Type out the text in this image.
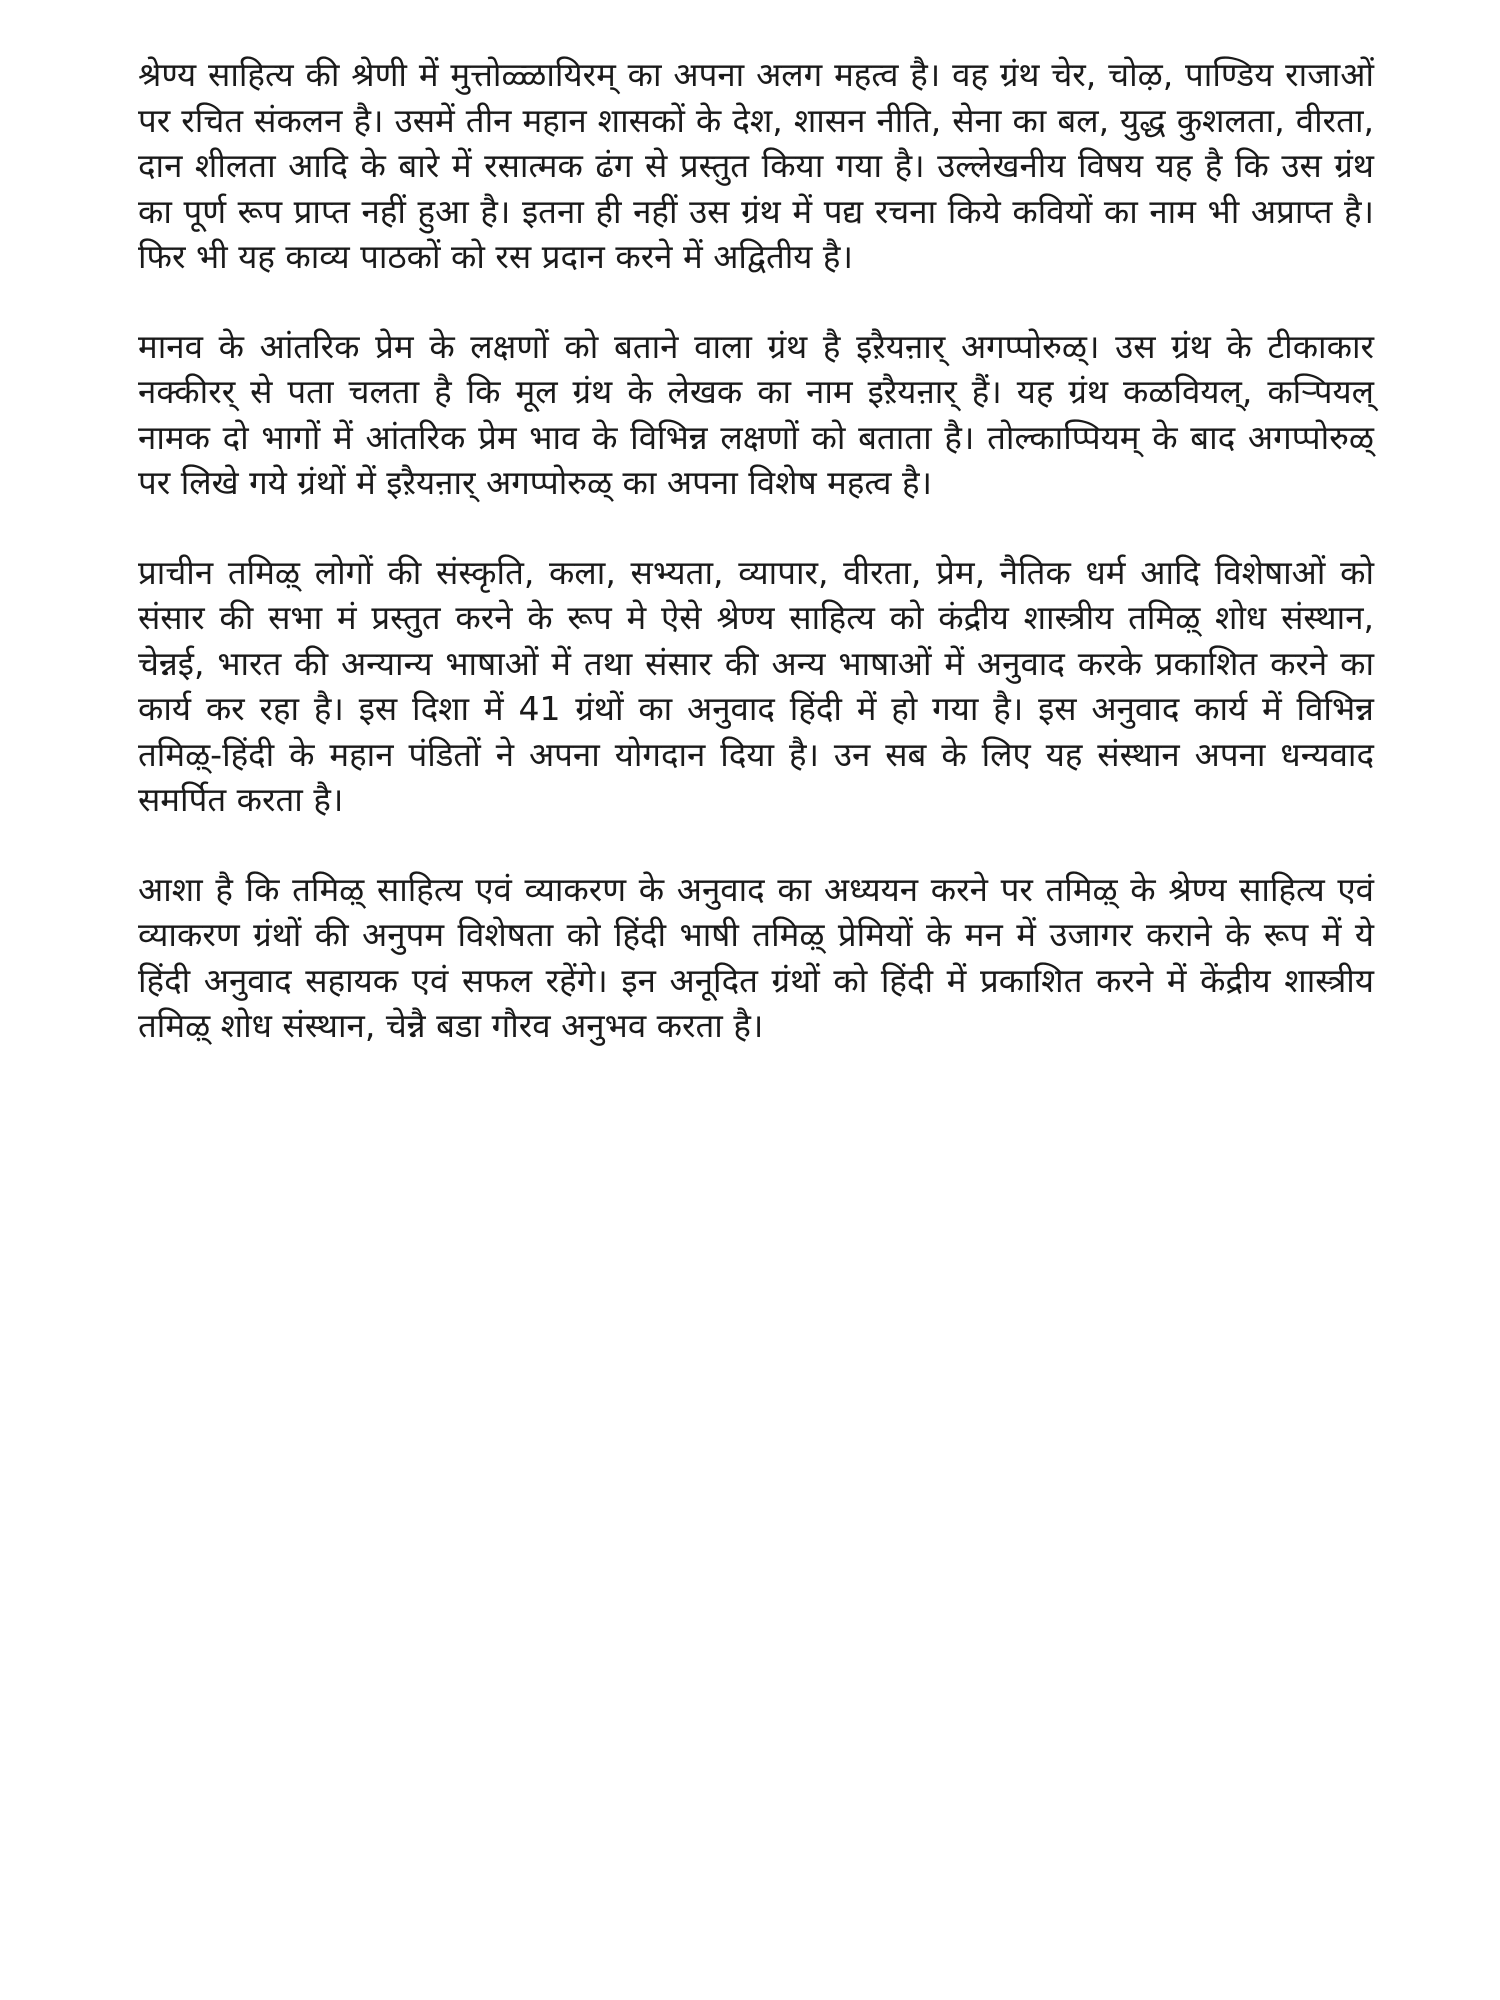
श्रेण्य साहित्य की श्रेणी में मुत्तोळ्ळायिरम् का अपना अलग महत्व है। वह ग्रंथ चेर, चोऴ, पाण्डिय राजाओं पर रचित संकलन है। उसमें तीन महान शासकों के देश, शासन नीति, सेना का बल, युद्ध कुशलता, वीरता, दान शीलता आदि के बारे में रसात्मक ढंग से प्रस्तुत किया गया है। उल्लेखनीय विषय यह है कि उस ग्रंथ का पूर्ण रूप प्राप्त नहीं हुआ है। इतना ही नहीं उस ग्रंथ में पद्य रचना किये कवियों का नाम भी अप्राप्त है। फिर भी यह काव्य पाठकों को रस प्रदान करने में अद्वितीय है।

मानव के आंतरिक प्रेम के लक्षणों को बताने वाला ग्रंथ है इऱैयऩार् अगप्पोरुळ्। उस ग्रंथ के टीकाकार नक्कीरर् से पता चलता है कि मूल ग्रंथ के लेखक का नाम इऱैयऩार् हैं। यह ग्रंथ कळवियल्, कऱ्पियल् नामक दो भागों में आंतरिक प्रेम भाव के विभिन्न लक्षणों को बताता है। तोल्काप्पियम् के बाद अगप्पोरुळ् पर लिखे गये ग्रंथों में इऱैयऩार् अगप्पोरुळ् का अपना विशेष महत्व है।

प्राचीन तमिऴ् लोगों की संस्कृति, कला, सभ्यता, व्यापार, वीरता, प्रेम, नैतिक धर्म आदि विशेषाओं को संसार की सभा मं प्रस्तुत करने के रूप मे ऐसे श्रेण्य साहित्य को कंद्रीय शास्त्रीय तमिऴ् शोध संस्थान, चेन्नई, भारत की अन्यान्य भाषाओं में तथा संसार की अन्य भाषाओं में अनुवाद करके प्रकाशित करने का कार्य कर रहा है। इस दिशा में 41 ग्रंथों का अनुवाद हिंदी में हो गया है। इस अनुवाद कार्य में विभिन्न तमिऴ्-हिंदी के महान पंडितों ने अपना योगदान दिया है। उन सब के लिए यह संस्थान अपना धन्यवाद समर्पित करता है।

आशा है कि तमिऴ् साहित्य एवं व्याकरण के अनुवाद का अध्ययन करने पर तमिऴ् के श्रेण्य साहित्य एवं व्याकरण ग्रंथों की अनुपम विशेषता को हिंदी भाषी तमिऴ् प्रेमियों के मन में उजागर कराने के रूप में ये हिंदी अनुवाद सहायक एवं सफल रहेंगे। इन अनूदित ग्रंथों को हिंदी में प्रकाशित करने में केंद्रीय शास्त्रीय तमिऴ् शोध संस्थान, चेन्नै बडा गौरव अनुभव करता है।
